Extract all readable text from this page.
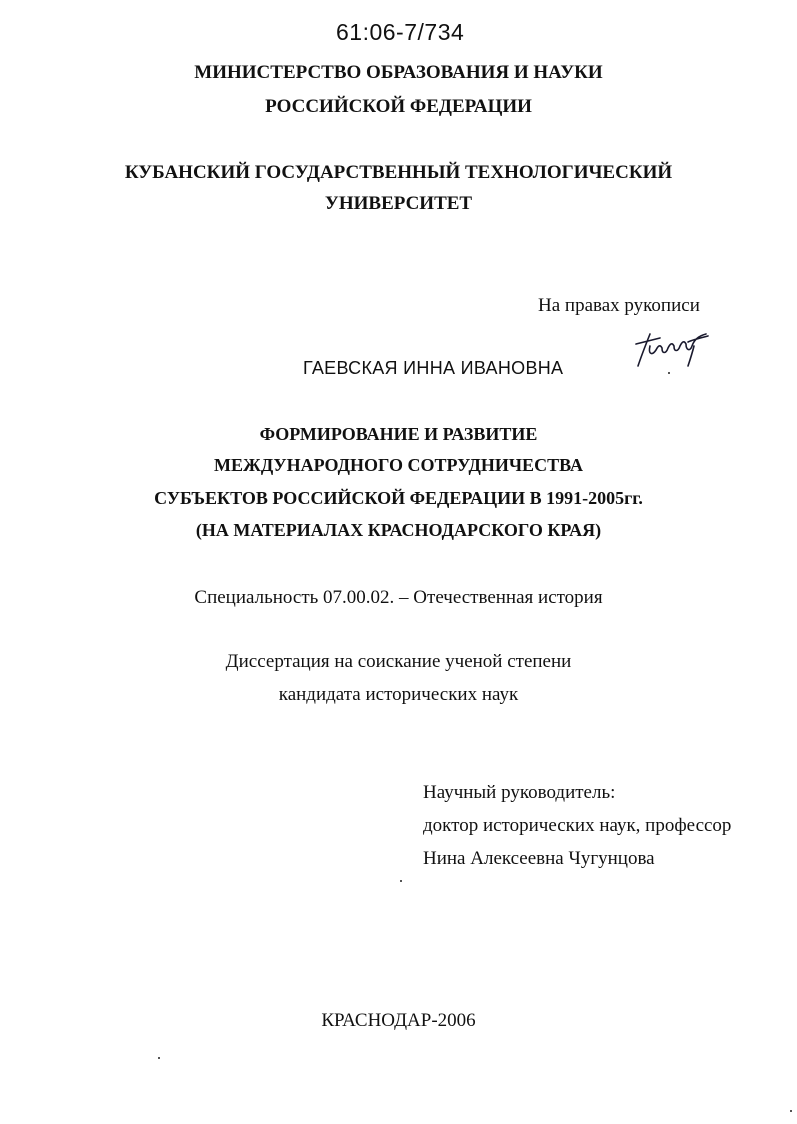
61:06-7/734
МИНИСТЕРСТВО ОБРАЗОВАНИЯ И НАУКИ
РОССИЙСКОЙ ФЕДЕРАЦИИ
КУБАНСКИЙ ГОСУДАРСТВЕННЫЙ ТЕХНОЛОГИЧЕСКИЙ
УНИВЕРСИТЕТ
На правах рукописи
ГАЕВСКАЯ ИННА ИВАНОВНА
ФОРМИРОВАНИЕ И РАЗВИТИЕ
МЕЖДУНАРОДНОГО СОТРУДНИЧЕСТВА
СУБЪЕКТОВ РОССИЙСКОЙ ФЕДЕРАЦИИ В 1991-2005гг.
(НА МАТЕРИАЛАХ КРАСНОДАРСКОГО КРАЯ)
Специальность 07.00.02. – Отечественная история
Диссертация на соискание ученой степени
кандидата исторических наук
Научный руководитель:
доктор исторических наук, профессор
Нина Алексеевна Чугунцова
КРАСНОДАР-2006
